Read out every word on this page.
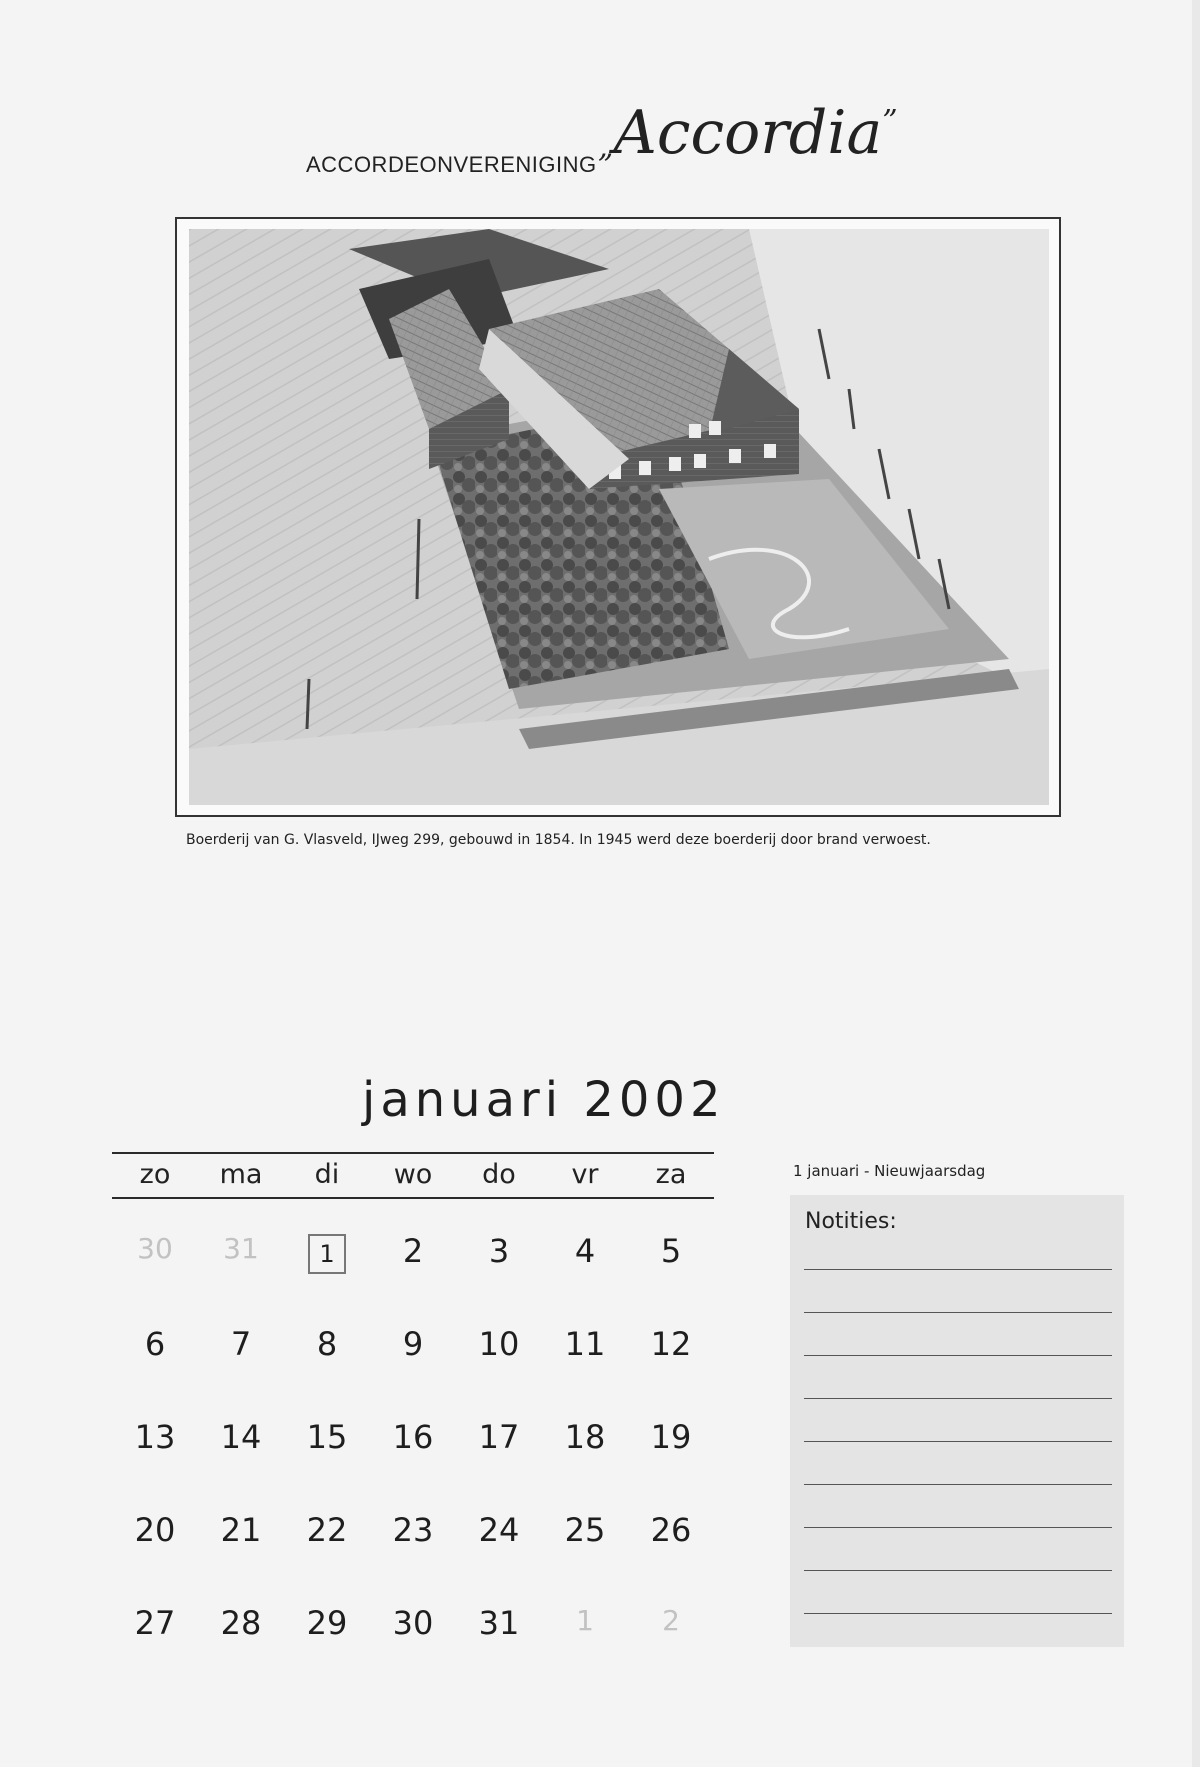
ACCORDEONVERENIGING „Accordia”
Boerderij van G. Vlasveld, IJweg 299, gebouwd in 1854. In 1945 werd deze boerderij door brand verwoest.
januari 2002
zo	ma	di	wo	do	vr	za
30	31	1	2	3	4	5
6	7	8	9	10	11	12
13	14	15	16	17	18	19
20	21	22	23	24	25	26
27	28	29	30	31	1	2
1 januari - Nieuwjaarsdag
Notities:
